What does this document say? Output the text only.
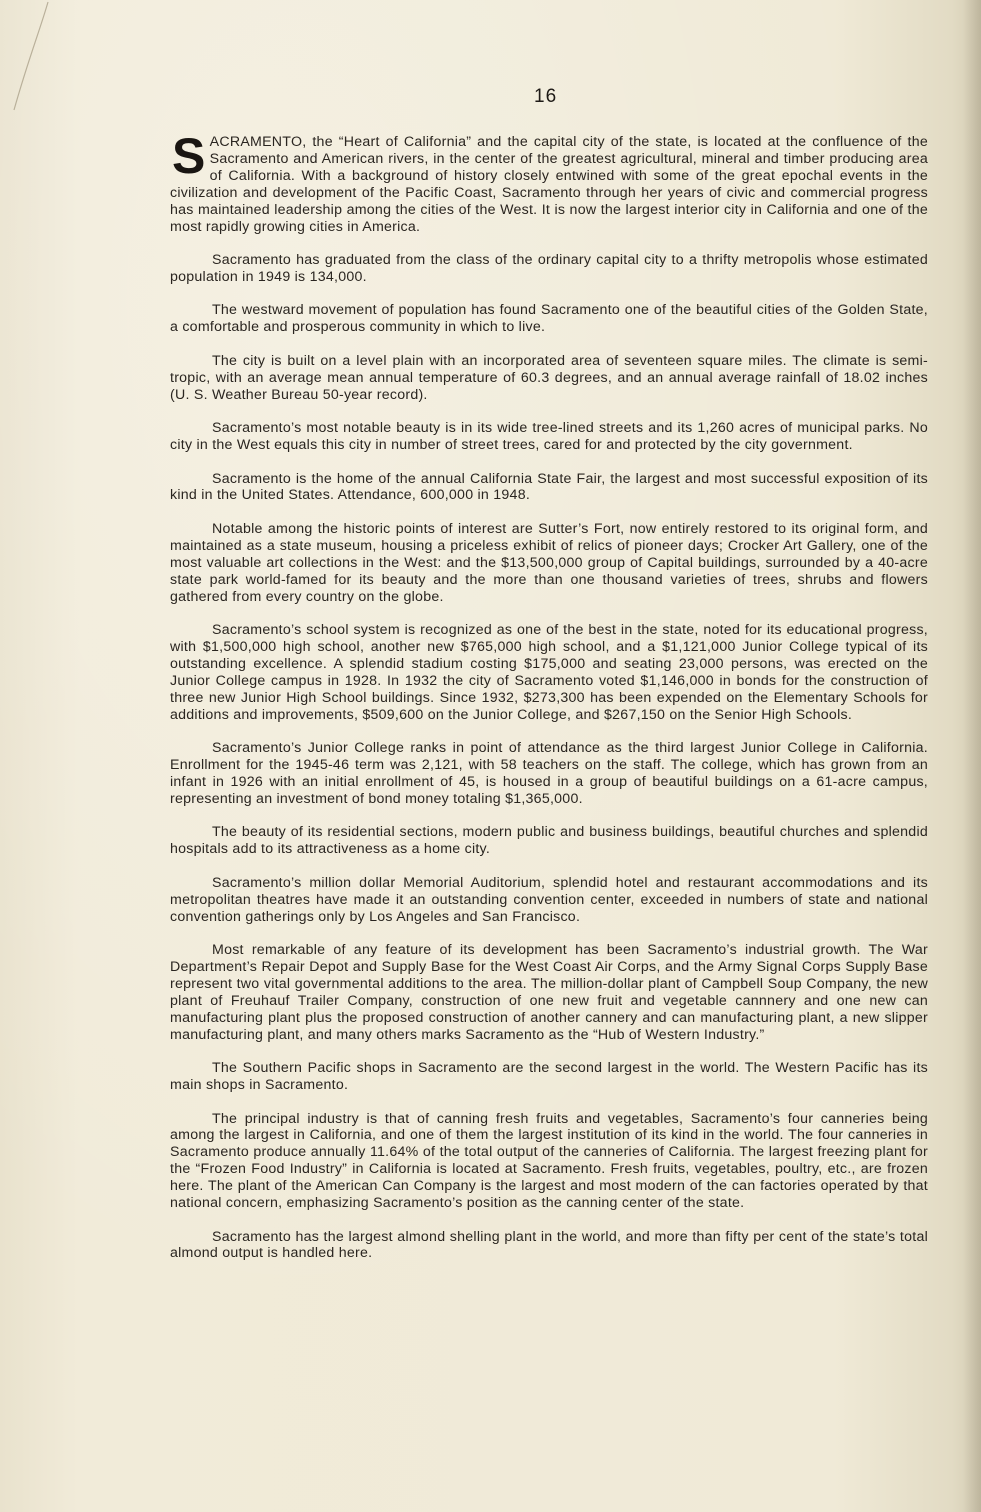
16

SACRAMENTO, the “Heart of California” and the capital city of the state, is located at the confluence of the Sacramento and American rivers, in the center of the greatest agricultural, mineral and timber producing area of California. With a background of history closely entwined with some of the great epochal events in the civilization and development of the Pacific Coast, Sacramento through her years of civic and commercial progress has maintained leadership among the cities of the West. It is now the largest interior city in California and one of the most rapidly growing cities in America.

Sacramento has graduated from the class of the ordinary capital city to a thrifty metropolis whose estimated population in 1949 is 134,000.

The westward movement of population has found Sacramento one of the beautiful cities of the Golden State, a comfortable and prosperous community in which to live.

The city is built on a level plain with an incorporated area of seventeen square miles. The climate is semi-tropic, with an average mean annual temperature of 60.3 degrees, and an annual average rainfall of 18.02 inches (U. S. Weather Bureau 50-year record).

Sacramento’s most notable beauty is in its wide tree-lined streets and its 1,260 acres of municipal parks. No city in the West equals this city in number of street trees, cared for and protected by the city government.

Sacramento is the home of the annual California State Fair, the largest and most successful exposition of its kind in the United States. Attendance, 600,000 in 1948.

Notable among the historic points of interest are Sutter’s Fort, now entirely restored to its original form, and maintained as a state museum, housing a priceless exhibit of relics of pioneer days; Crocker Art Gallery, one of the most valuable art collections in the West: and the $13,500,000 group of Capital buildings, surrounded by a 40-acre state park world-famed for its beauty and the more than one thousand varieties of trees, shrubs and flowers gathered from every country on the globe.

Sacramento’s school system is recognized as one of the best in the state, noted for its educational progress, with $1,500,000 high school, another new $765,000 high school, and a $1,121,000 Junior College typical of its outstanding excellence. A splendid stadium costing $175,000 and seating 23,000 persons, was erected on the Junior College campus in 1928. In 1932 the city of Sacramento voted $1,146,000 in bonds for the construction of three new Junior High School buildings. Since 1932, $273,300 has been expended on the Elementary Schools for additions and improvements, $509,600 on the Junior College, and $267,150 on the Senior High Schools.

Sacramento’s Junior College ranks in point of attendance as the third largest Junior College in California. Enrollment for the 1945-46 term was 2,121, with 58 teachers on the staff. The college, which has grown from an infant in 1926 with an initial enrollment of 45, is housed in a group of beautiful buildings on a 61-acre campus, representing an investment of bond money totaling $1,365,000.

The beauty of its residential sections, modern public and business buildings, beautiful churches and splendid hospitals add to its attractiveness as a home city.

Sacramento’s million dollar Memorial Auditorium, splendid hotel and restaurant accommodations and its metropolitan theatres have made it an outstanding convention center, exceeded in numbers of state and national convention gatherings only by Los Angeles and San Francisco.

Most remarkable of any feature of its development has been Sacramento’s industrial growth. The War Department’s Repair Depot and Supply Base for the West Coast Air Corps, and the Army Signal Corps Supply Base represent two vital governmental additions to the area. The million-dollar plant of Campbell Soup Company, the new plant of Freuhauf Trailer Company, construction of one new fruit and vegetable cannnery and one new can manufacturing plant plus the proposed construction of another cannery and can manufacturing plant, a new slipper manufacturing plant, and many others marks Sacramento as the “Hub of Western Industry.”

The Southern Pacific shops in Sacramento are the second largest in the world. The Western Pacific has its main shops in Sacramento.

The principal industry is that of canning fresh fruits and vegetables, Sacramento’s four canneries being among the largest in California, and one of them the largest institution of its kind in the world. The four canneries in Sacramento produce annually 11.64% of the total output of the canneries of California. The largest freezing plant for the “Frozen Food Industry” in California is located at Sacramento. Fresh fruits, vegetables, poultry, etc., are frozen here. The plant of the American Can Company is the largest and most modern of the can factories operated by that national concern, emphasizing Sacramento’s position as the canning center of the state.

Sacramento has the largest almond shelling plant in the world, and more than fifty per cent of the state’s total almond output is handled here.
